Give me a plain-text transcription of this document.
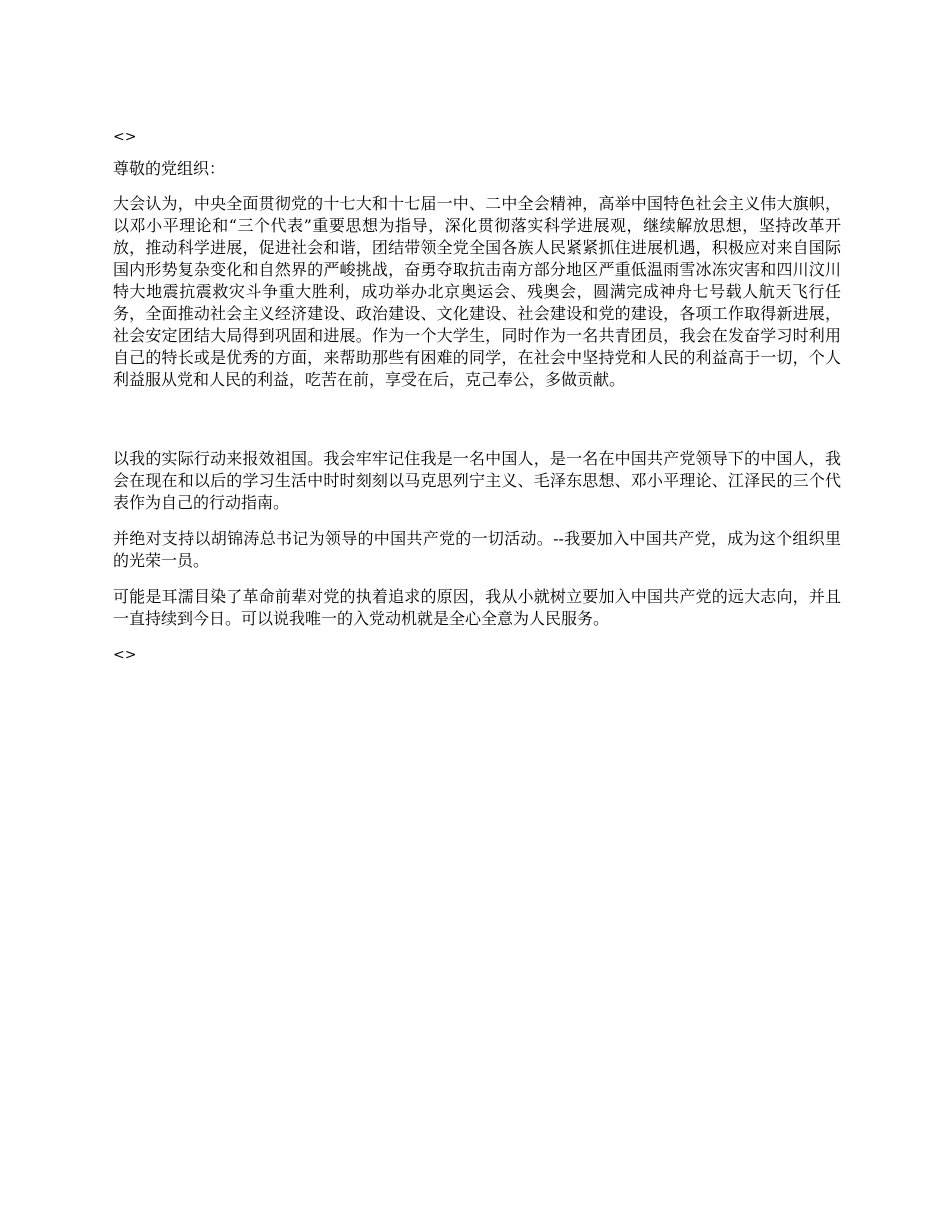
<>

尊敬的党组织：

大会认为，中央全面贯彻党的十七大和十七届一中、二中全会精神，高举中国特色社会主义伟大旗帜，以邓小平理论和“三个代表”重要思想为指导，深化贯彻落实科学进展观，继续解放思想，坚持改革开放，推动科学进展，促进社会和谐，团结带领全党全国各族人民紧紧抓住进展机遇，积极应对来自国际国内形势复杂变化和自然界的严峻挑战，奋勇夺取抗击南方部分地区严重低温雨雪冰冻灾害和四川汶川特大地震抗震救灾斗争重大胜利，成功举办北京奥运会、残奥会，圆满完成神舟七号载人航天飞行任务，全面推动社会主义经济建设、政治建设、文化建设、社会建设和党的建设，各项工作取得新进展，社会安定团结大局得到巩固和进展。作为一个大学生，同时作为一名共青团员，我会在发奋学习时利用自己的特长或是优秀的方面，来帮助那些有困难的同学，在社会中坚持党和人民的利益高于一切，个人利益服从党和人民的利益，吃苦在前，享受在后，克己奉公，多做贡献。

以我的实际行动来报效祖国。我会牢牢记住我是一名中国人，是一名在中国共产党领导下的中国人，我会在现在和以后的学习生活中时时刻刻以马克思列宁主义、毛泽东思想、邓小平理论、江泽民的三个代表作为自己的行动指南。

并绝对支持以胡锦涛总书记为领导的中国共产党的一切活动。--我要加入中国共产党，成为这个组织里的光荣一员。

可能是耳濡目染了革命前辈对党的执着追求的原因，我从小就树立要加入中国共产党的远大志向，并且一直持续到今日。可以说我唯一的入党动机就是全心全意为人民服务。

<>
